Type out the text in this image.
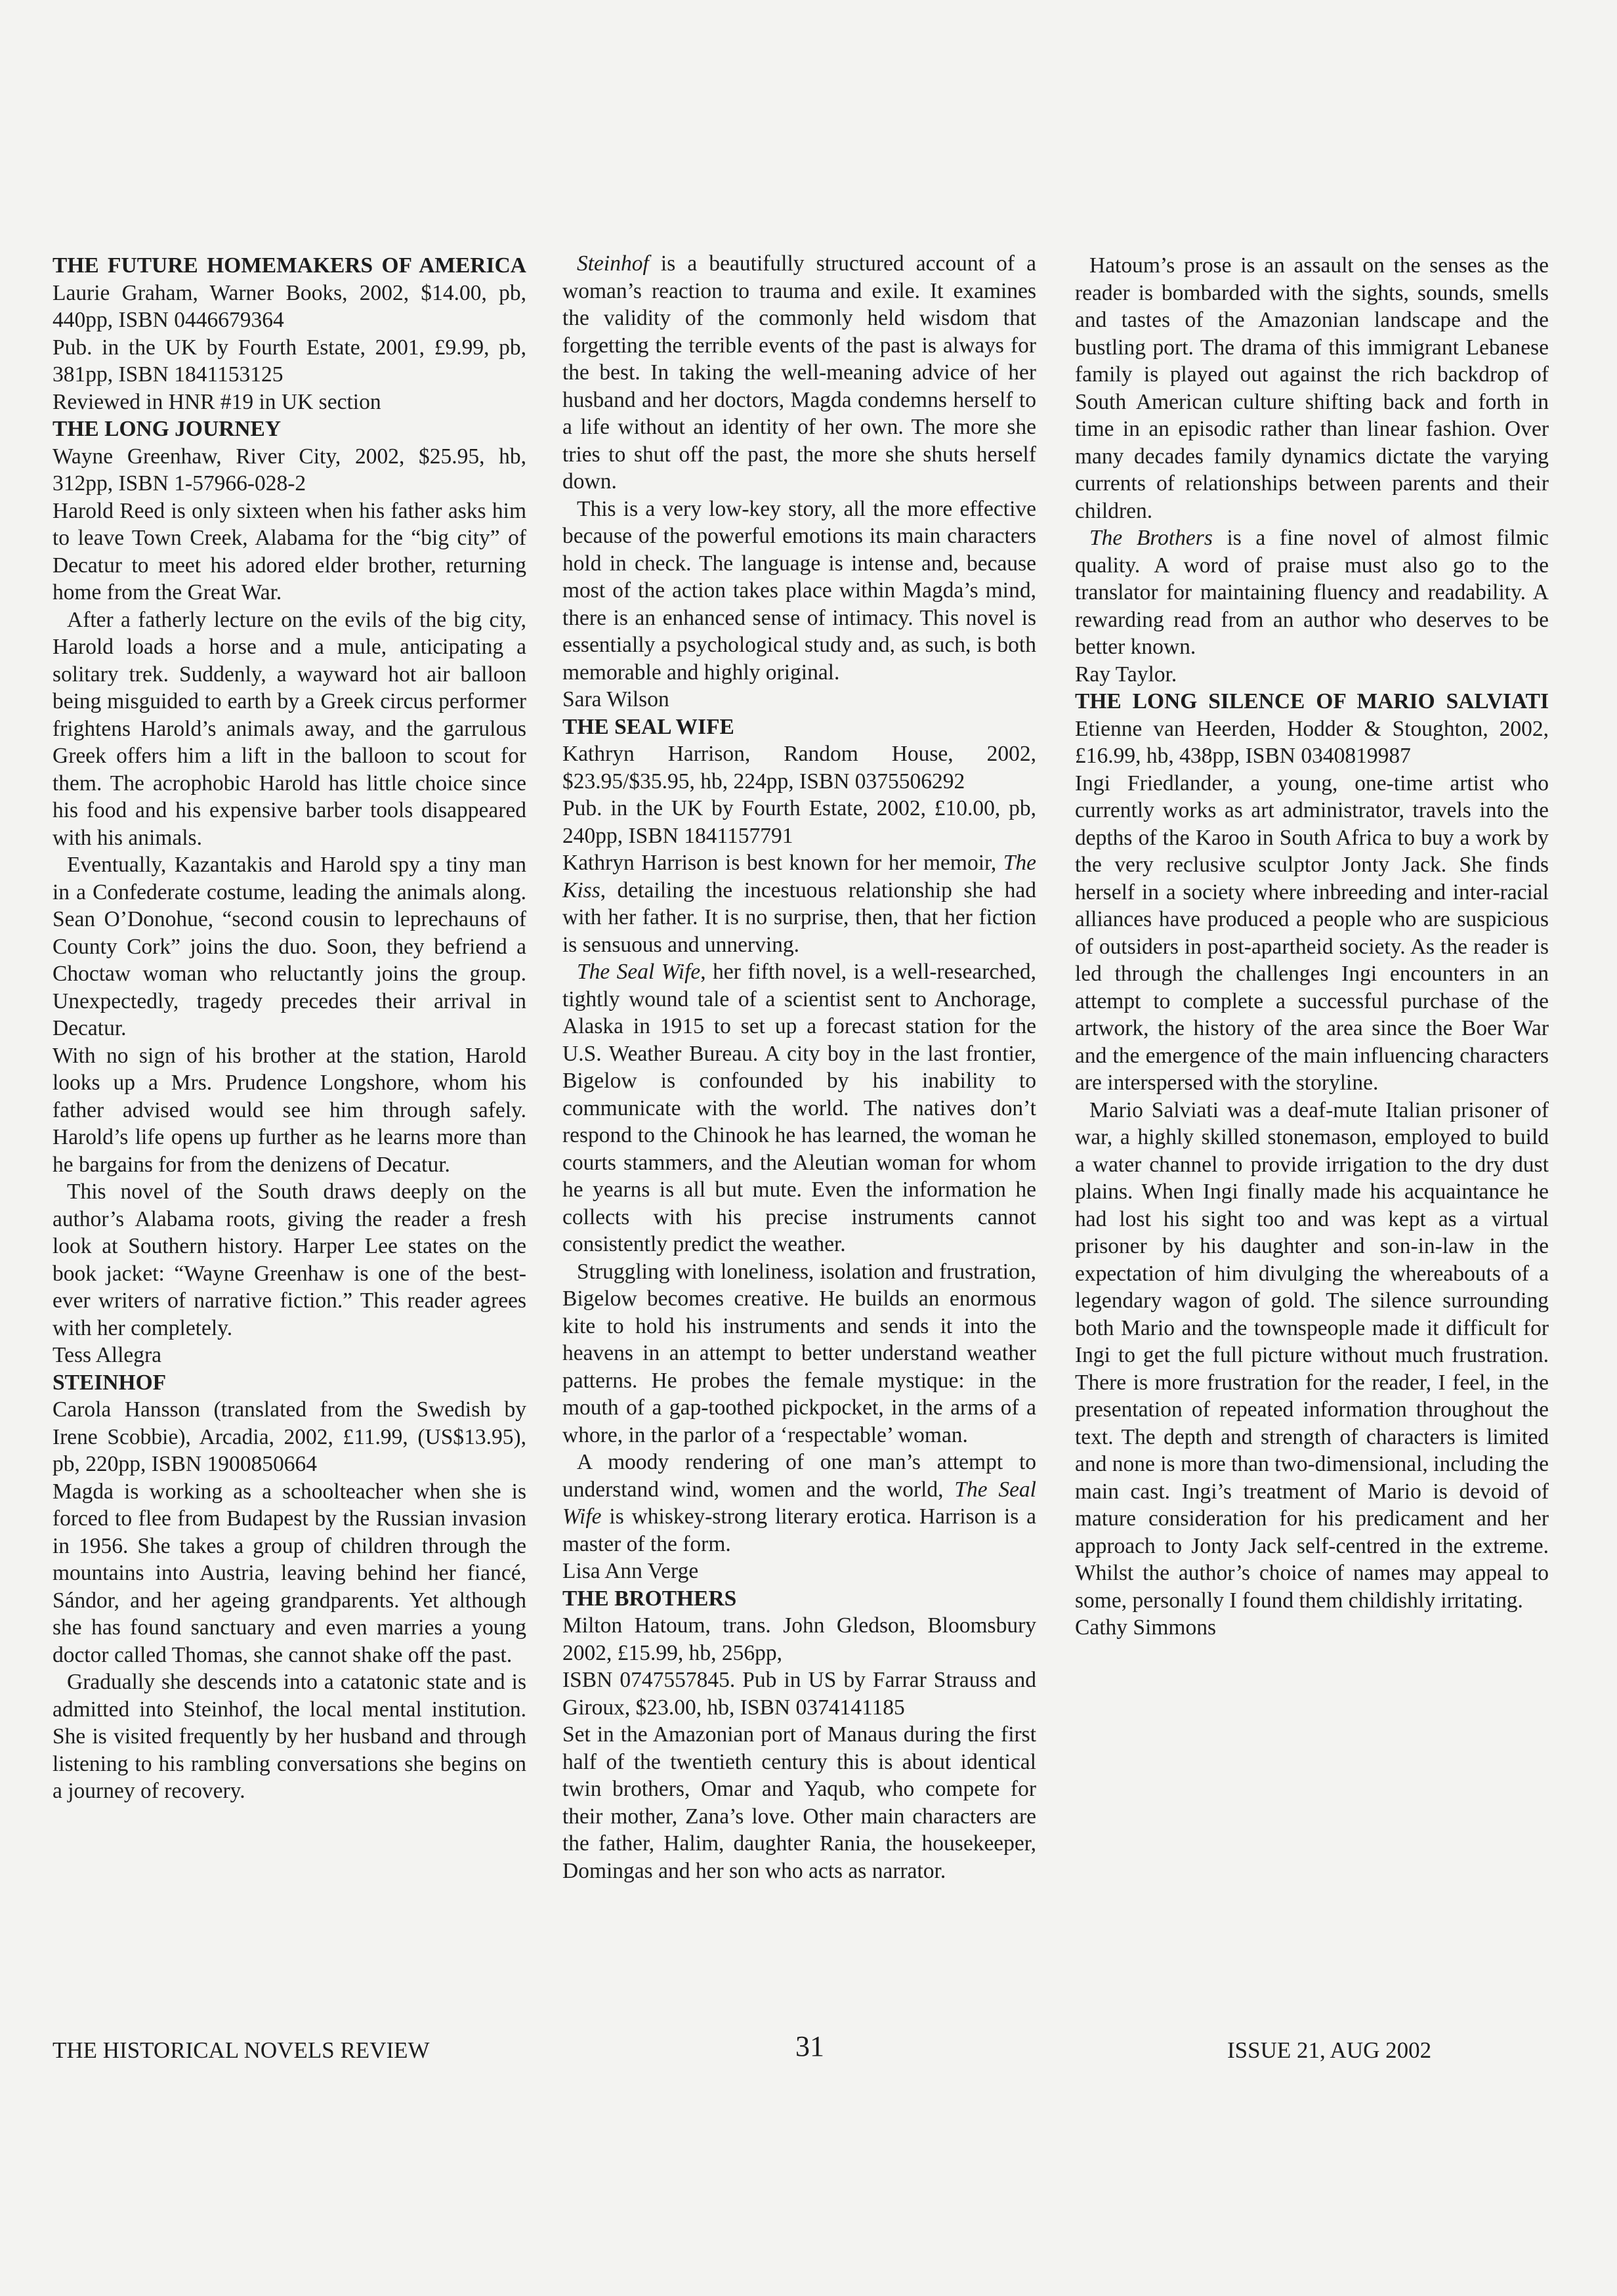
THE FUTURE HOMEMAKERS OF AMERICA

Laurie Graham, Warner Books, 2002, $14.00, pb, 440pp, ISBN 0446679364

Pub. in the UK by Fourth Estate, 2001, £9.99, pb, 381pp, ISBN 1841153125

Reviewed in HNR #19 in UK section

THE LONG JOURNEY

Wayne Greenhaw, River City, 2002, $25.95, hb, 312pp, ISBN 1-57966-028-2

Harold Reed is only sixteen when his father asks him to leave Town Creek, Alabama for the “big city” of Decatur to meet his adored elder brother, returning home from the Great War.

After a fatherly lecture on the evils of the big city, Harold loads a horse and a mule, anticipating a solitary trek. Suddenly, a wayward hot air balloon being misguided to earth by a Greek circus performer frightens Harold’s animals away, and the garrulous Greek offers him a lift in the balloon to scout for them. The acrophobic Harold has little choice since his food and his expensive barber tools disappeared with his animals.

Eventually, Kazantakis and Harold spy a tiny man in a Confederate costume, leading the animals along. Sean O’Donohue, “second cousin to leprechauns of County Cork” joins the duo. Soon, they befriend a Choctaw woman who reluctantly joins the group. Unexpectedly, tragedy precedes their arrival in Decatur.

With no sign of his brother at the station, Harold looks up a Mrs. Prudence Longshore, whom his father advised would see him through safely. Harold’s life opens up further as he learns more than he bargains for from the denizens of Decatur.

This novel of the South draws deeply on the author’s Alabama roots, giving the reader a fresh look at Southern history. Harper Lee states on the book jacket: “Wayne Greenhaw is one of the best-ever writers of narrative fiction.” This reader agrees with her completely.

Tess Allegra

STEINHOF

Carola Hansson (translated from the Swedish by Irene Scobbie), Arcadia, 2002, £11.99, (US$13.95), pb, 220pp, ISBN 1900850664

Magda is working as a schoolteacher when she is forced to flee from Budapest by the Russian invasion in 1956. She takes a group of children through the mountains into Austria, leaving behind her fiancé, Sándor, and her ageing grandparents. Yet although she has found sanctuary and even marries a young doctor called Thomas, she cannot shake off the past.

Gradually she descends into a catatonic state and is admitted into Steinhof, the local mental institution. She is visited frequently by her husband and through listening to his rambling conversations she begins on a journey of recovery.

Steinhof is a beautifully structured account of a woman’s reaction to trauma and exile. It examines the validity of the commonly held wisdom that forgetting the terrible events of the past is always for the best. In taking the well-meaning advice of her husband and her doctors, Magda condemns herself to a life without an identity of her own. The more she tries to shut off the past, the more she shuts herself down.

This is a very low-key story, all the more effective because of the powerful emotions its main characters hold in check. The language is intense and, because most of the action takes place within Magda’s mind, there is an enhanced sense of intimacy. This novel is essentially a psychological study and, as such, is both memorable and highly original.

Sara Wilson

THE SEAL WIFE

Kathryn Harrison, Random House, 2002, $23.95/$35.95, hb, 224pp, ISBN 0375506292

Pub. in the UK by Fourth Estate, 2002, £10.00, pb, 240pp, ISBN 1841157791

Kathryn Harrison is best known for her memoir, The Kiss, detailing the incestuous relationship she had with her father. It is no surprise, then, that her fiction is sensuous and unnerving.

The Seal Wife, her fifth novel, is a well-researched, tightly wound tale of a scientist sent to Anchorage, Alaska in 1915 to set up a forecast station for the U.S. Weather Bureau. A city boy in the last frontier, Bigelow is confounded by his inability to communicate with the world. The natives don’t respond to the Chinook he has learned, the woman he courts stammers, and the Aleutian woman for whom he yearns is all but mute. Even the information he collects with his precise instruments cannot consistently predict the weather.

Struggling with loneliness, isolation and frustration, Bigelow becomes creative. He builds an enormous kite to hold his instruments and sends it into the heavens in an attempt to better understand weather patterns. He probes the female mystique: in the mouth of a gap-toothed pickpocket, in the arms of a whore, in the parlor of a ‘respectable’ woman.

A moody rendering of one man’s attempt to understand wind, women and the world, The Seal Wife is whiskey-strong literary erotica. Harrison is a master of the form.

Lisa Ann Verge

THE BROTHERS

Milton Hatoum, trans. John Gledson, Bloomsbury 2002, £15.99, hb, 256pp,

ISBN 0747557845. Pub in US by Farrar Strauss and Giroux, $23.00, hb, ISBN 0374141185

Set in the Amazonian port of Manaus during the first half of the twentieth century this is about identical twin brothers, Omar and Yaqub, who compete for their mother, Zana’s love. Other main characters are the father, Halim, daughter Rania, the housekeeper, Domingas and her son who acts as narrator.

Hatoum’s prose is an assault on the senses as the reader is bombarded with the sights, sounds, smells and tastes of the Amazonian landscape and the bustling port. The drama of this immigrant Lebanese family is played out against the rich backdrop of South American culture shifting back and forth in time in an episodic rather than linear fashion. Over many decades family dynamics dictate the varying currents of relationships between parents and their children.

The Brothers is a fine novel of almost filmic quality. A word of praise must also go to the translator for maintaining fluency and readability. A rewarding read from an author who deserves to be better known.

Ray Taylor.

THE LONG SILENCE OF MARIO SALVIATI

Etienne van Heerden, Hodder & Stoughton, 2002, £16.99, hb, 438pp, ISBN 0340819987

Ingi Friedlander, a young, one-time artist who currently works as art administrator, travels into the depths of the Karoo in South Africa to buy a work by the very reclusive sculptor Jonty Jack. She finds herself in a society where inbreeding and inter-racial alliances have produced a people who are suspicious of outsiders in post-apartheid society. As the reader is led through the challenges Ingi encounters in an attempt to complete a successful purchase of the artwork, the history of the area since the Boer War and the emergence of the main influencing characters are interspersed with the storyline.

Mario Salviati was a deaf-mute Italian prisoner of war, a highly skilled stonemason, employed to build a water channel to provide irrigation to the dry dust plains. When Ingi finally made his acquaintance he had lost his sight too and was kept as a virtual prisoner by his daughter and son-in-law in the expectation of him divulging the whereabouts of a legendary wagon of gold. The silence surrounding both Mario and the townspeople made it difficult for Ingi to get the full picture without much frustration. There is more frustration for the reader, I feel, in the presentation of repeated information throughout the text. The depth and strength of characters is limited and none is more than two-dimensional, including the main cast. Ingi’s treatment of Mario is devoid of mature consideration for his predicament and her approach to Jonty Jack self-centred in the extreme. Whilst the author’s choice of names may appeal to some, personally I found them childishly irritating.

Cathy Simmons

THE HISTORICAL NOVELS REVIEW	31	ISSUE 21, AUG 2002
